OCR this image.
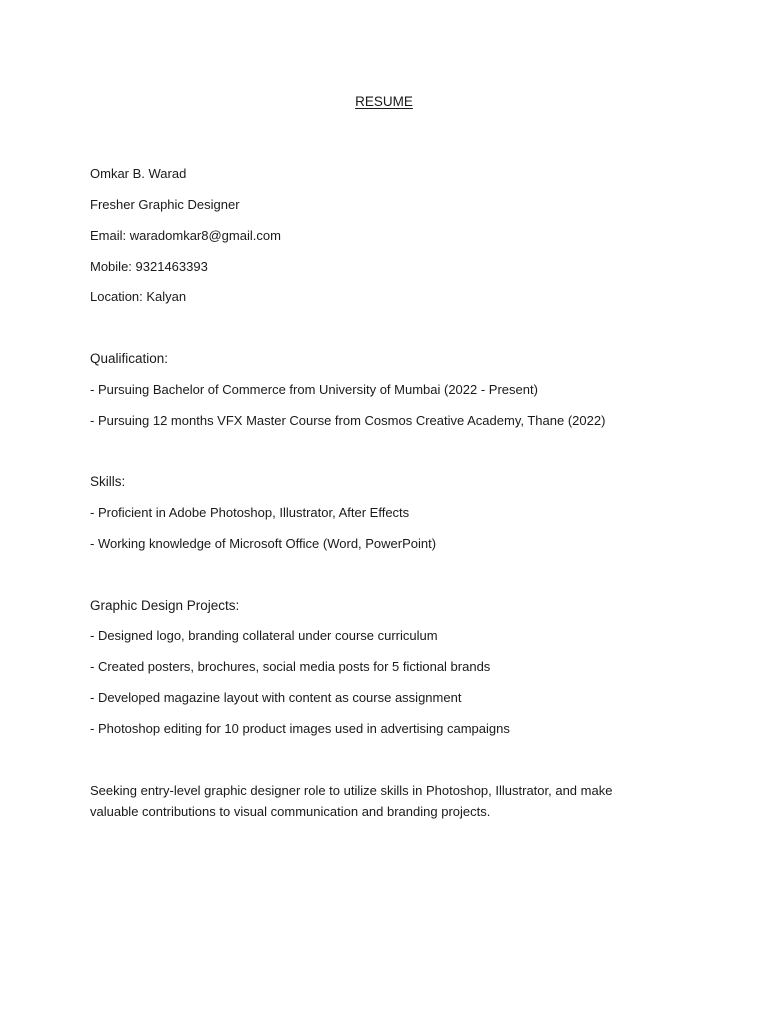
RESUME
Omkar B. Warad
Fresher Graphic Designer
Email: waradomkar8@gmail.com
Mobile: 9321463393
Location: Kalyan
Qualification:
- Pursuing Bachelor of Commerce from University of Mumbai (2022 - Present)
- Pursuing 12 months VFX Master Course from Cosmos Creative Academy, Thane (2022)
Skills:
- Proficient in Adobe Photoshop, Illustrator, After Effects
- Working knowledge of Microsoft Office (Word, PowerPoint)
Graphic Design Projects:
- Designed logo, branding collateral under course curriculum
- Created posters, brochures, social media posts for 5 fictional brands
- Developed magazine layout with content as course assignment
- Photoshop editing for 10 product images used in advertising campaigns
Seeking entry-level graphic designer role to utilize skills in Photoshop, Illustrator, and make valuable contributions to visual communication and branding projects.
